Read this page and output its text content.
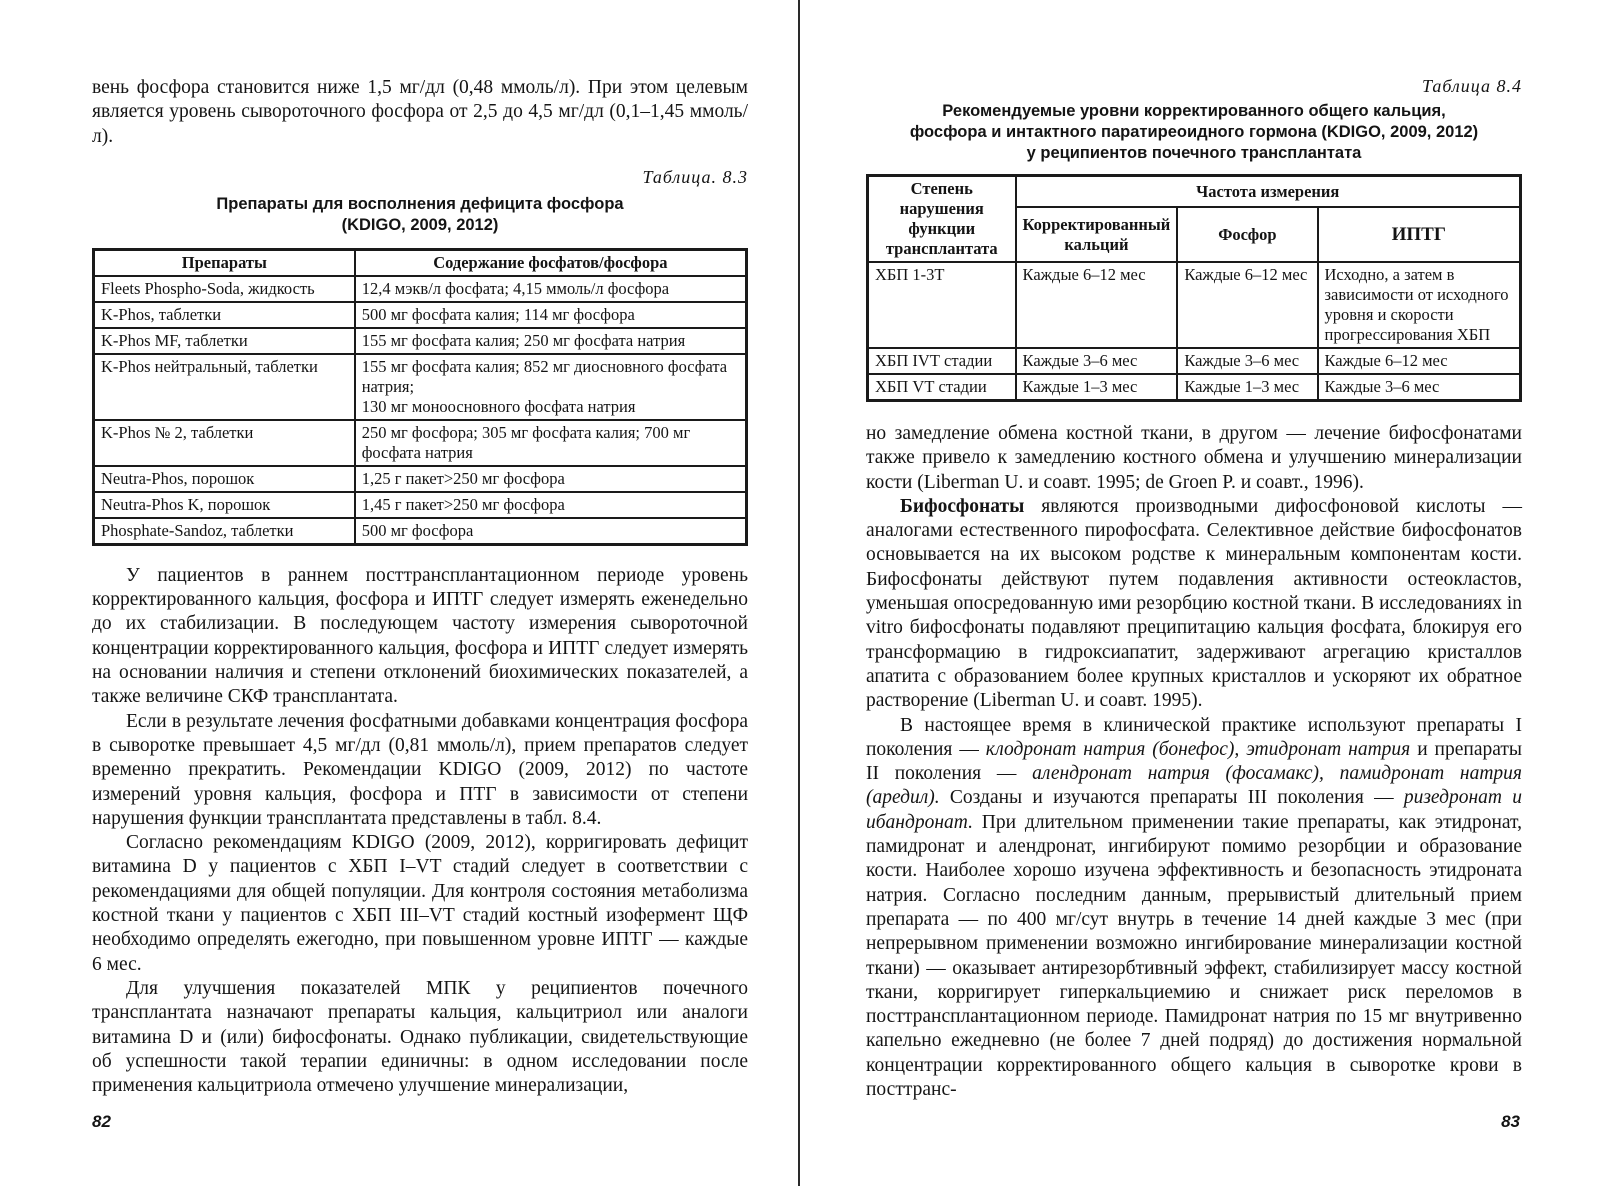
вень фосфора становится ниже 1,5 мг/дл (0,48 ммоль/л). При этом целевым является уровень сывороточного фосфора от 2,5 до 4,5 мг/дл (0,1–1,45 ммоль/л).

Таблица. 8.3
Препараты для восполнения дефицита фосфора
(KDIGO, 2009, 2012)
Препараты	Содержание фосфатов/фосфора
Fleets Phospho-Soda, жидкость	12,4 мэкв/л фосфата; 4,15 ммоль/л фосфора
K-Phos, таблетки	500 мг фосфата калия; 114 мг фосфора
K-Phos MF, таблетки	155 мг фосфата калия; 250 мг фосфата натрия
K-Phos нейтральный, таблетки	155 мг фосфата калия; 852 мг диосновного фосфата натрия;
130 мг моноосновного фосфата натрия

K-Phos № 2, таблетки	250 мг фосфора; 305 мг фосфата калия; 700 мг фосфата натрия
Neutra-Phos, порошок	1,25 г пакет>250 мг фосфора
Neutra-Phos K, порошок	1,45 г пакет>250 мг фосфора
Phosphate-Sandoz, таблетки	500 мг фосфора

У пациентов в раннем посттрансплантационном периоде уровень корректированного кальция, фосфора и ИПТГ следует измерять еженедельно до их стабилизации. В последующем частоту измерения сывороточной концентрации корректированного кальция, фосфора и ИПТГ следует измерять на основании наличия и степени отклонений биохимических показателей, а также величине СКФ трансплантата.

Если в результате лечения фосфатными добавками концентрация фосфора в сыворотке превышает 4,5 мг/дл (0,81 ммоль/л), прием препаратов следует временно прекратить. Рекомендации KDIGO (2009, 2012) по частоте измерений уровня кальция, фосфора и ПТГ в зависимости от степени нарушения функции трансплантата представлены в табл. 8.4.

Согласно рекомендациям KDIGO (2009, 2012), корригировать дефицит витамина D у пациентов с ХБП I–VT стадий следует в соответствии с рекомендациями для общей популяции. Для контроля состояния метаболизма костной ткани у пациентов с ХБП III–VT стадий костный изофермент ЩФ необходимо определять ежегодно, при повышенном уровне ИПТГ — каждые 6 мес.

Для улучшения показателей МПК у реципиентов почечного трансплантата назначают препараты кальция, кальцитриол или аналоги витамина D и (или) бифосфонаты. Однако публикации, свидетельствующие об успешности такой терапии единичны: в одном исследовании после применения кальцитриола отмечено улучшение минерализации,

82
Таблица 8.4
Рекомендуемые уровни корректированного общего кальция,
фосфора и интактного паратиреоидного гормона (KDIGO, 2009, 2012)
у реципиентов почечного трансплантата
Степень нарушения функции трансплантата	Частота измерения		
	Корректированный кальций	Фосфор	ИПТГ
ХБП 1-3Т	Каждые 6–12 мес	Каждые 6–12 мес	Исходно, а затем в зависимости от исходного уровня и скорости прогрессирования ХБП
ХБП IVТ стадии	Каждые 3–6 мес	Каждые 3–6 мес	Каждые 6–12 мес
ХБП VТ стадии	Каждые 1–3 мес	Каждые 1–3 мес	Каждые 3–6 мес

но замедление обмена костной ткани, в другом — лечение бифосфонатами также привело к замедлению костного обмена и улучшению минерализации кости (Liberman U. и соавт. 1995; de Groen P. и соавт., 1996).

Бифосфонаты являются производными дифосфоновой кислоты — аналогами естественного пирофосфата. Селективное действие бифосфонатов основывается на их высоком родстве к минеральным компонентам кости. Бифосфонаты действуют путем подавления активности остеокластов, уменьшая опосредованную ими резорбцию костной ткани. В исследованиях in vitro бифосфонаты подавляют преципитацию кальция фосфата, блокируя его трансформацию в гидроксиапатит, задерживают агрегацию кристаллов апатита с образованием более крупных кристаллов и ускоряют их обратное растворение (Liberman U. и соавт. 1995).

В настоящее время в клинической практике используют препараты I поколения — клодронат натрия (бонефос), этидронат натрия и препараты II поколения — алендронат натрия (фосамакс), памидронат натрия (аредил). Созданы и изучаются препараты III поколения — ризедронат и ибандронат. При длительном применении такие препараты, как этидронат, памидронат и алендронат, ингибируют помимо резорбции и образование кости. Наиболее хорошо изучена эффективность и безопасность этидроната натрия. Согласно последним данным, прерывистый длительный прием препарата — по 400 мг/сут внутрь в течение 14 дней каждые 3 мес (при непрерывном применении возможно ингибирование минерализации костной ткани) — оказывает антирезорбтивный эффект, стабилизирует массу костной ткани, корригирует гиперкальциемию и снижает риск переломов в посттрансплантационном периоде. Памидронат натрия по 15 мг внутривенно капельно ежедневно (не более 7 дней подряд) до достижения нормальной концентрации корректированного общего кальция в сыворотке крови в посттранс-

83
